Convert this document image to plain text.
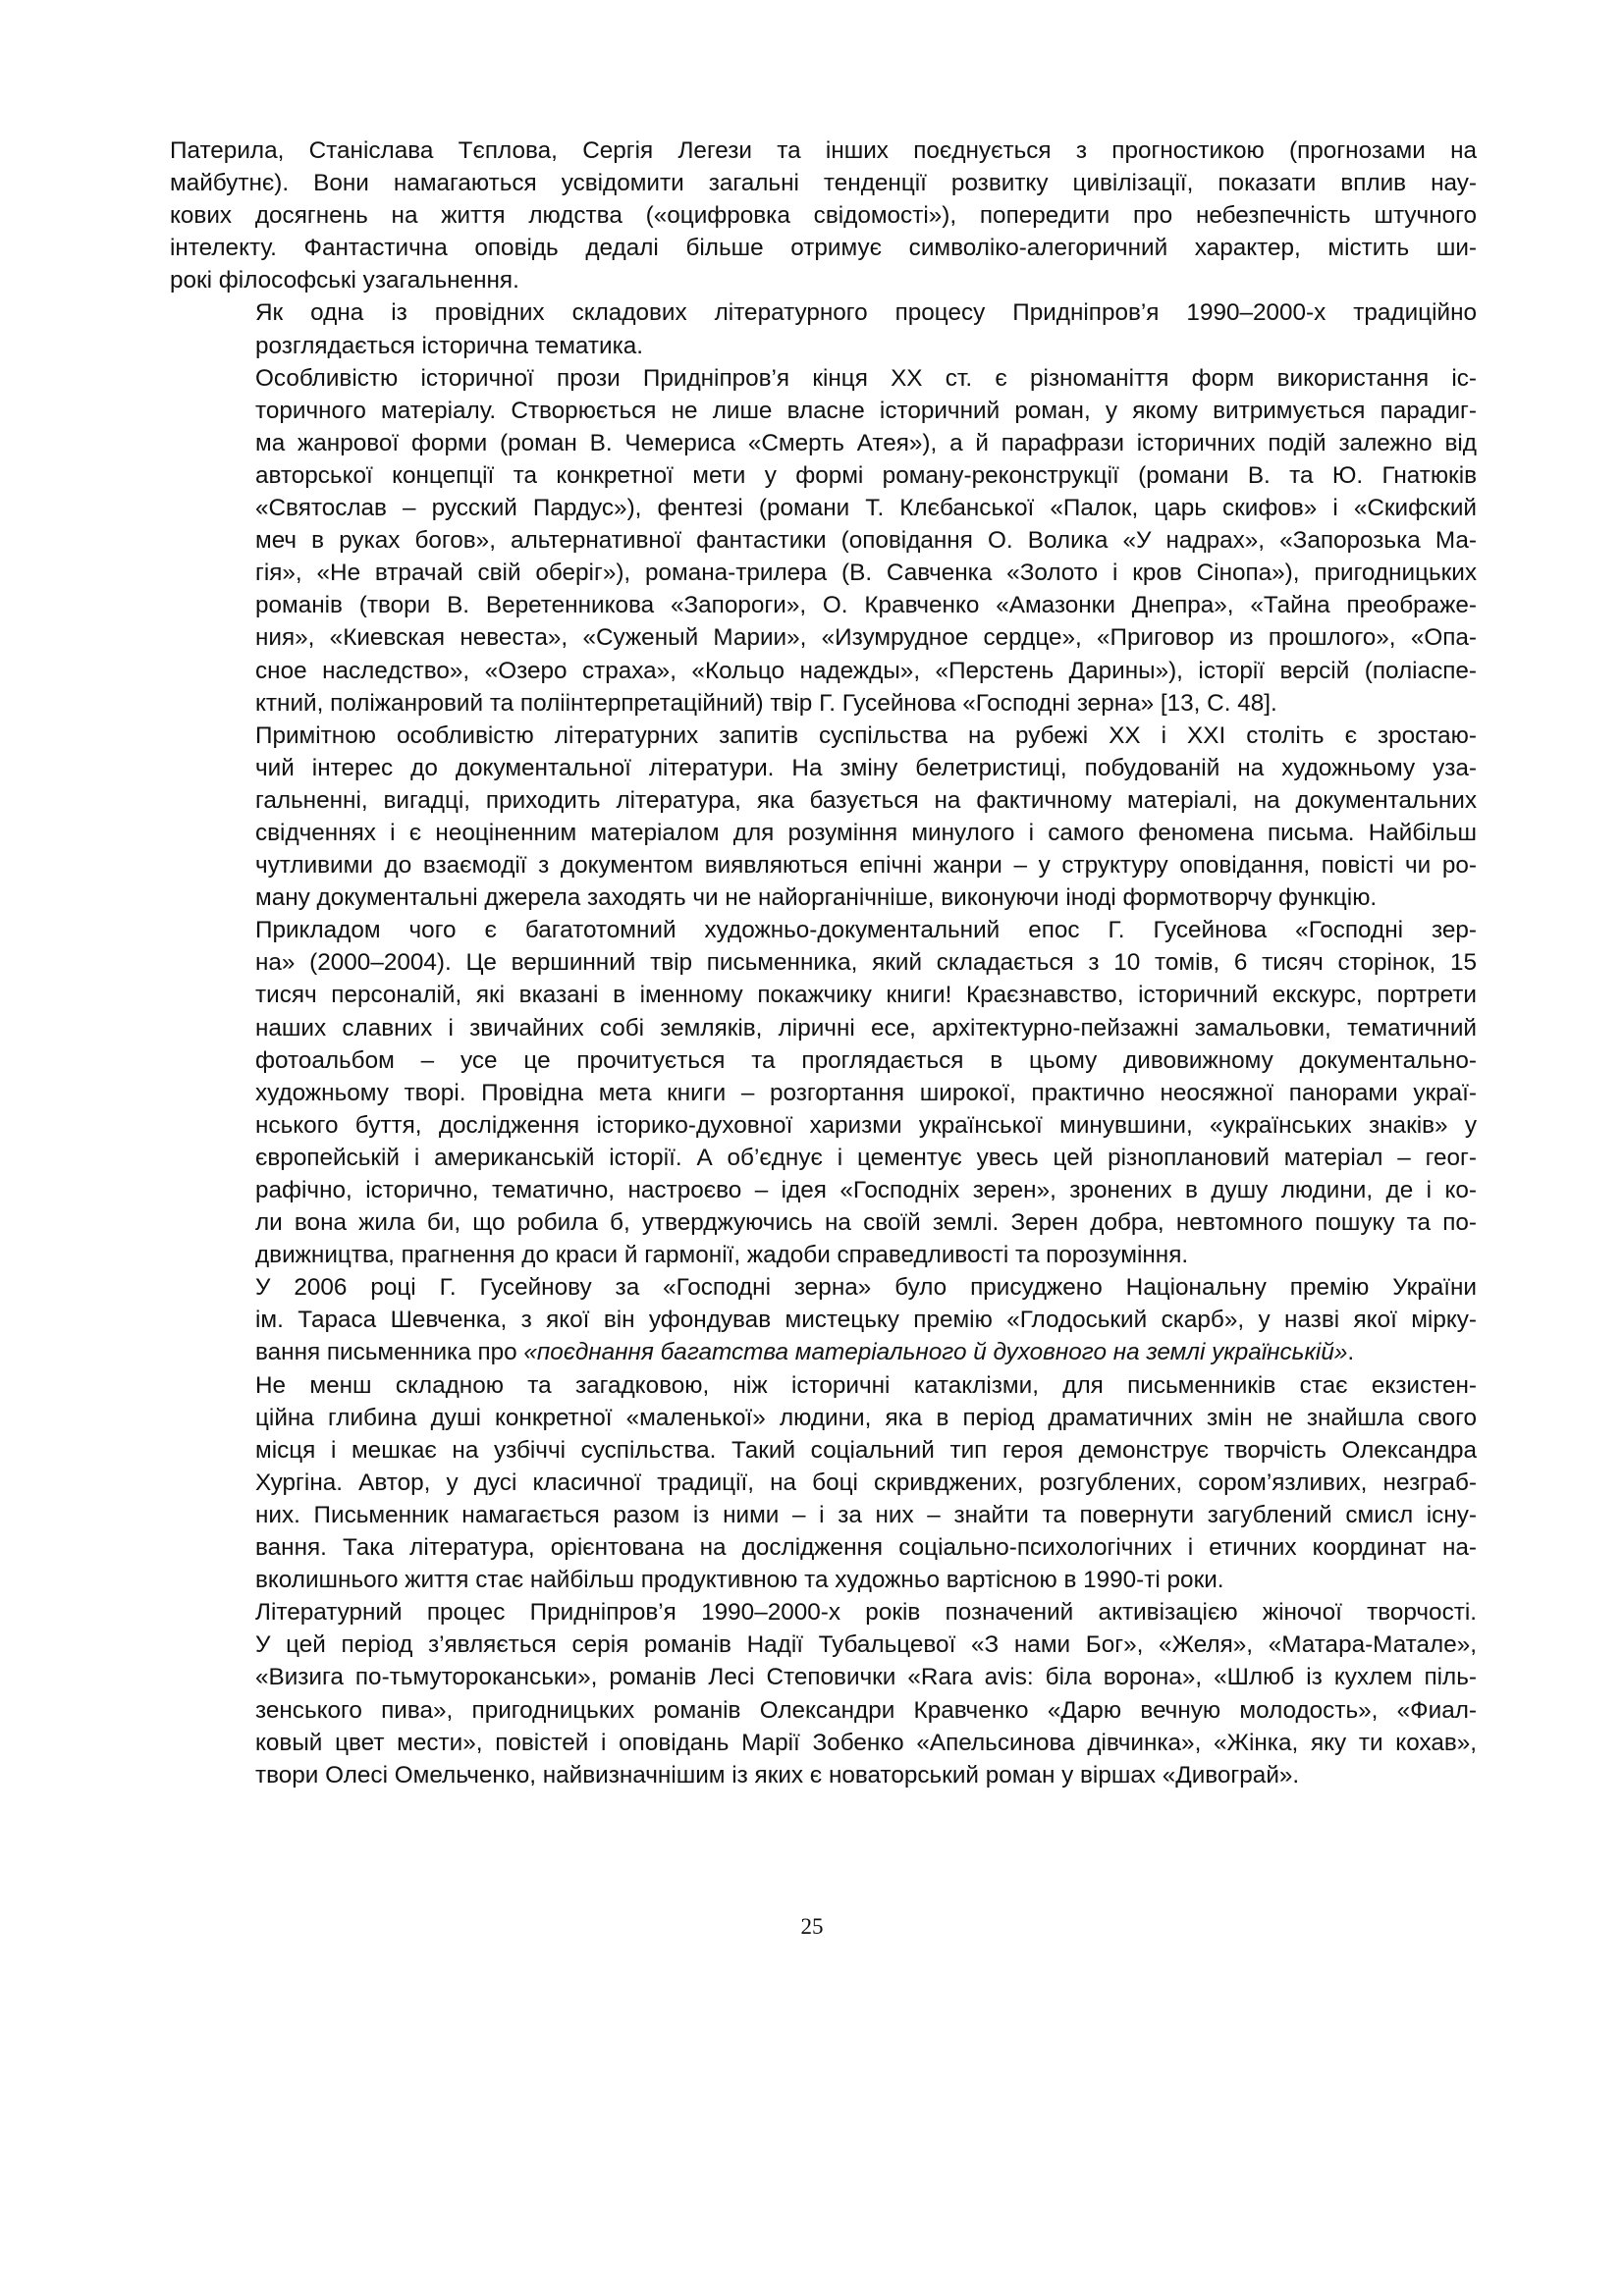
Патерила, Станіслава Тєплова, Сергія Легези та інших поєднується з прогностикою (прогнозами на
майбутнє). Вони намагаються усвідомити загальні тенденції розвитку цивілізації, показати вплив нау-
кових досягнень на життя людства («оцифровка свідомості»), попередити про небезпечність штучного
інтелекту. Фантастична оповідь дедалі більше отримує символіко-алегоричний характер, містить ши-
рокі філософські узагальнення.
Як одна із провідних складових літературного процесу Придніпров’я 1990–2000-х традиційно
розглядається історична тематика.
Особливістю історичної прози Придніпров’я кінця ХХ ст. є різноманіття форм використання іс-
торичного матеріалу. Створюється не лише власне історичний роман, у якому витримується парадиг-
ма жанрової форми (роман В. Чемериса «Смерть Атея»), а й парафрази історичних подій залежно від
авторської концепції та конкретної мети у формі роману-реконструкції (романи В. та Ю. Гнатюків
«Святослав – русский Пардус»), фентезі (романи Т. Клєбанської «Палок, царь скифов» і «Скифский
меч в руках богов», альтернативної фантастики (оповідання О. Волика «У надрах», «Запорозька Ма-
гія», «Не втрачай свій оберіг»), романа-трилера (В. Савченка «Золото і кров Сінопа»), пригодницьких
романів (твори В. Веретенникова «Запороги», О. Кравченко «Амазонки Днепра», «Тайна преображе-
ния», «Киевская невеста», «Суженый Марии», «Изумрудное сердце», «Приговор из прошлого», «Опа-
сное наследство», «Озеро страха», «Кольцо надежды», «Перстень Дарины»), історії версій (поліаспе-
ктний, поліжанровий та поліінтерпретаційний) твір Г. Гусейнова «Господні зерна» [13, С. 48].
Примітною особливістю літературних запитів суспільства на рубежі ХХ і ХХІ століть є зростаю-
чий інтерес до документальної літератури. На зміну белетристиці, побудованій на художньому уза-
гальненні, вигадці, приходить література, яка базується на фактичному матеріалі, на документальних
свідченнях і є неоціненним матеріалом для розуміння минулого і самого феномена письма. Найбільш
чутливими до взаємодії з документом виявляються епічні жанри – у структуру оповідання, повісті чи ро-
ману документальні джерела заходять чи не найорганічніше, виконуючи іноді формотворчу функцію.
Прикладом чого є багатотомний художньо-документальний епос Г. Гусейнова «Господні зер-
на» (2000–2004). Це вершинний твір письменника, який складається з 10 томів, 6 тисяч сторінок, 15
тисяч персоналій, які вказані в іменному покажчику книги! Краєзнавство, історичний екскурс, портрети
наших славних і звичайних собі земляків, ліричні есе, архітектурно-пейзажні замальовки, тематичний
фотоальбом – усе це прочитується та проглядається в цьому дивовижному документально-
художньому творі. Провідна мета книги – розгортання широкої, практично неосяжної панорами украї-
нського буття, дослідження історико-духовної харизми української минувшини, «українських знаків» у
європейській і американській історії. А об’єднує і цементує увесь цей різноплановий матеріал – геог-
рафічно, історично, тематично, настроєво – ідея «Господніх зерен», зронених в душу людини, де і ко-
ли вона жила би, що робила б, утверджуючись на своїй землі. Зерен добра, невтомного пошуку та по-
движництва, прагнення до краси й гармонії, жадоби справедливості та порозуміння.
У 2006 році Г. Гусейнову за «Господні зерна» було присуджено Національну премію України
ім. Тараса Шевченка, з якої він уфондував мистецьку премію «Глодоський скарб», у назві якої мірку-
вання письменника про «поєднання багатства матеріального й духовного на землі українській».
Не менш складною та загадковою, ніж історичні катаклізми, для письменників стає екзистен-
ційна глибина душі конкретної «маленької» людини, яка в період драматичних змін не знайшла свого
місця і мешкає на узбіччі суспільства. Такий соціальний тип героя демонструє творчість Олександра
Хургіна. Автор, у дусі класичної традиції, на боці скривджених, розгублених, сором’язливих, незграб-
них. Письменник намагається разом із ними – і за них – знайти та повернути загублений смисл існу-
вання. Така література, орієнтована на дослідження соціально-психологічних і етичних координат на-
вколишнього життя стає найбільш продуктивною та художньо вартісною в 1990-ті роки.
Літературний процес Придніпров’я 1990–2000-х років позначений активізацією жіночої творчості.
У цей період з’являється серія романів Надії Тубальцевої «З нами Бог», «Желя», «Матара-Матале»,
«Визига по-тьмутороканськи», романів Лесі Степовички «Rara avis: біла ворона», «Шлюб із кухлем піль-
зенського пива», пригодницьких романів Олександри Кравченко «Дарю вечную молодость», «Фиал-
ковый цвет мести», повістей і оповідань Марії Зобенко «Апельсинова дівчинка», «Жінка, яку ти кохав»,
твори Олесі Омельченко, найвизначнішим із яких є новаторський роман у віршах «Дивограй».
25
